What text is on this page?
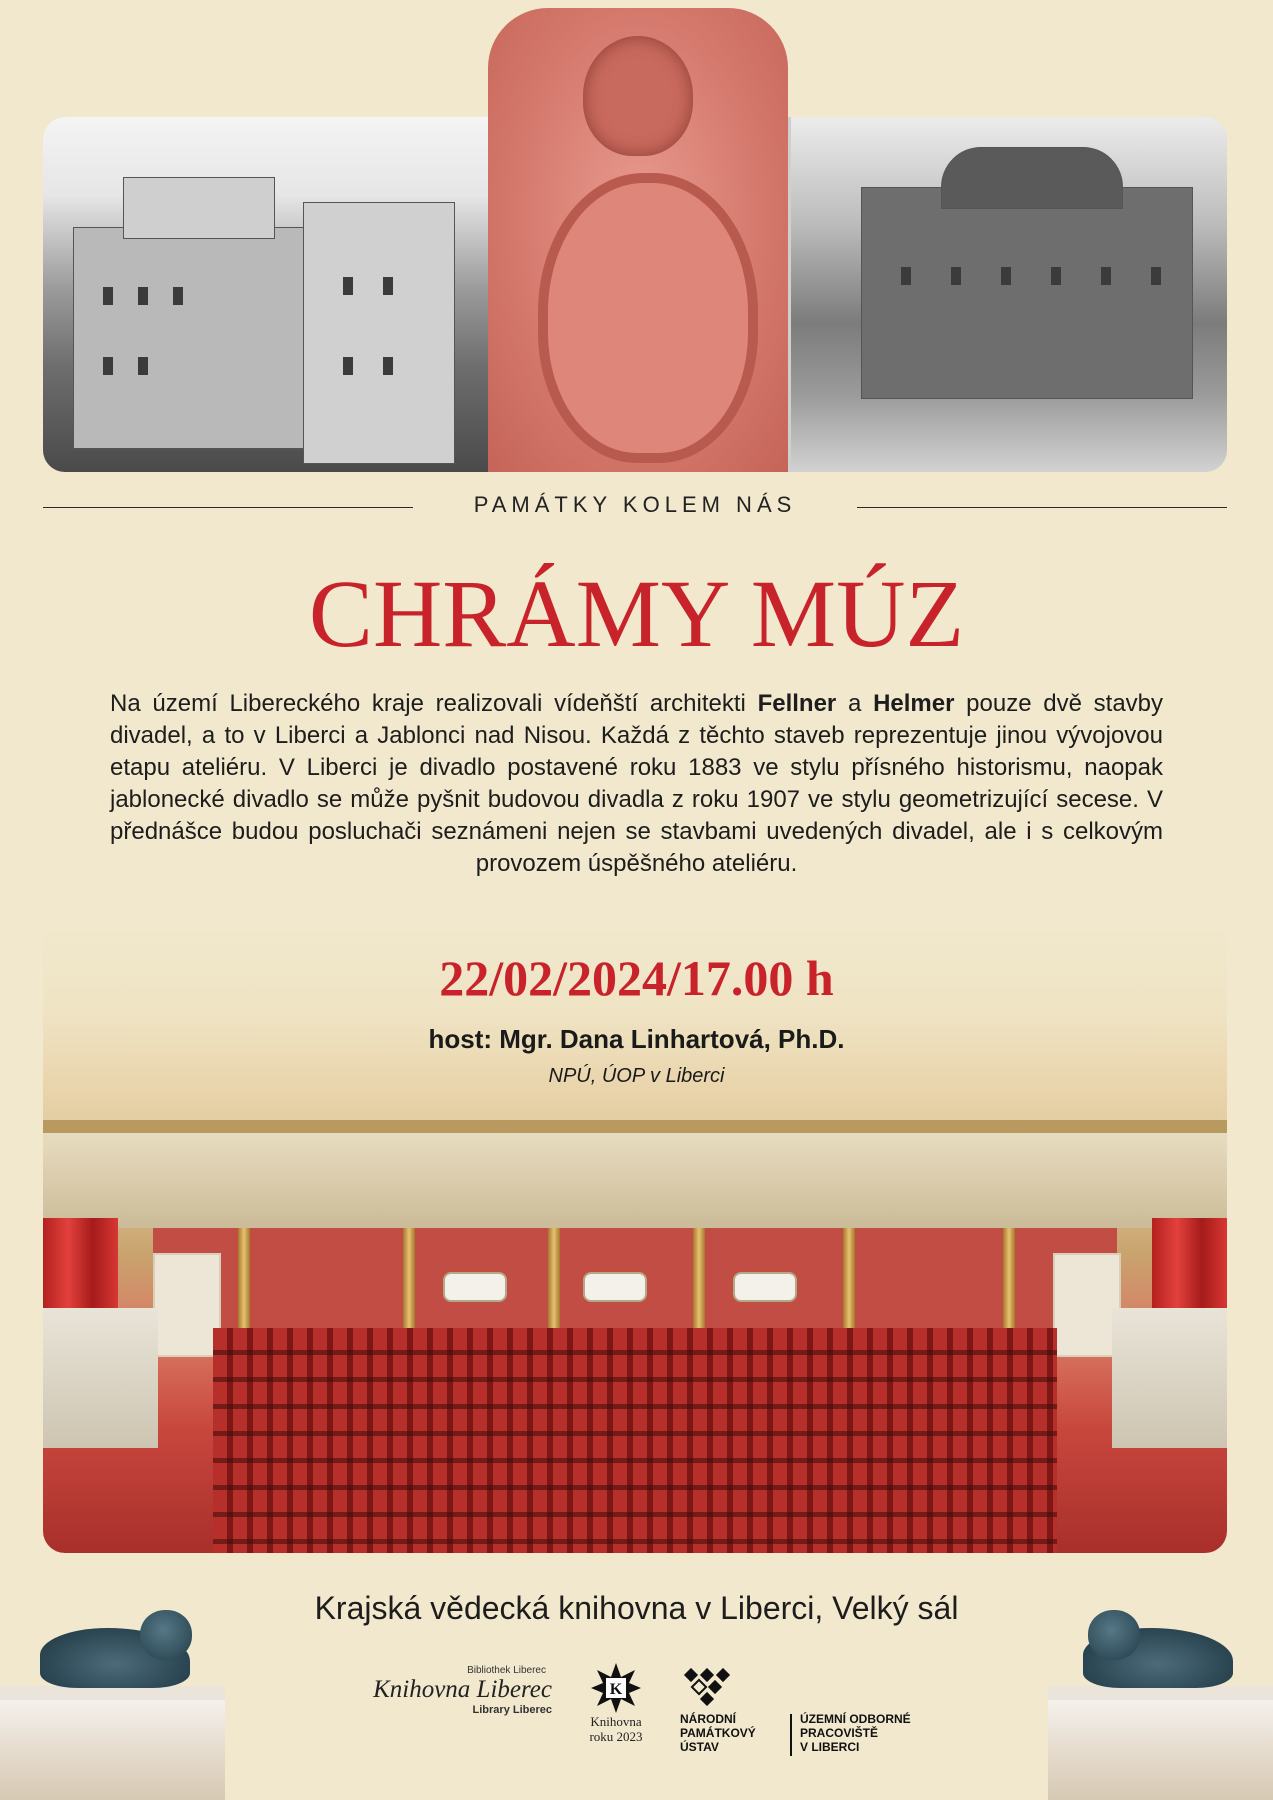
PAMÁTKY KOLEM NÁS
CHRÁMY MÚZ

Na území Libereckého kraje realizovali vídeňští architekti Fellner a Helmer pouze dvě stavby divadel, a to v Liberci a Jablonci nad Nisou. Každá z těchto staveb reprezentuje jinou vývojovou etapu ateliéru. V Liberci je divadlo postavené roku 1883 ve stylu přísného historismu, naopak jablonecké divadlo se může pyšnit budovou divadla z roku 1907 ve stylu geometrizující secese. V přednášce budou posluchači seznámeni nejen se stavbami uvedených divadel, ale i s celkovým provozem úspěšného ateliéru.

22/02/2024/17.00 h
host: Mgr. Dana Linhartová, Ph.D.
NPÚ, ÚOP v Liberci
Krajská vědecká knihovna v Liberci, Velký sál
Bibliothek Liberec
Knihovna Liberec
Library Liberec
K
Knihovna
roku 2023
NÁRODNÍ
PAMÁTKOVÝ
ÚSTAV
ÚZEMNÍ ODBORNÉ
PRACOVIŠTĚ
V LIBERCI
